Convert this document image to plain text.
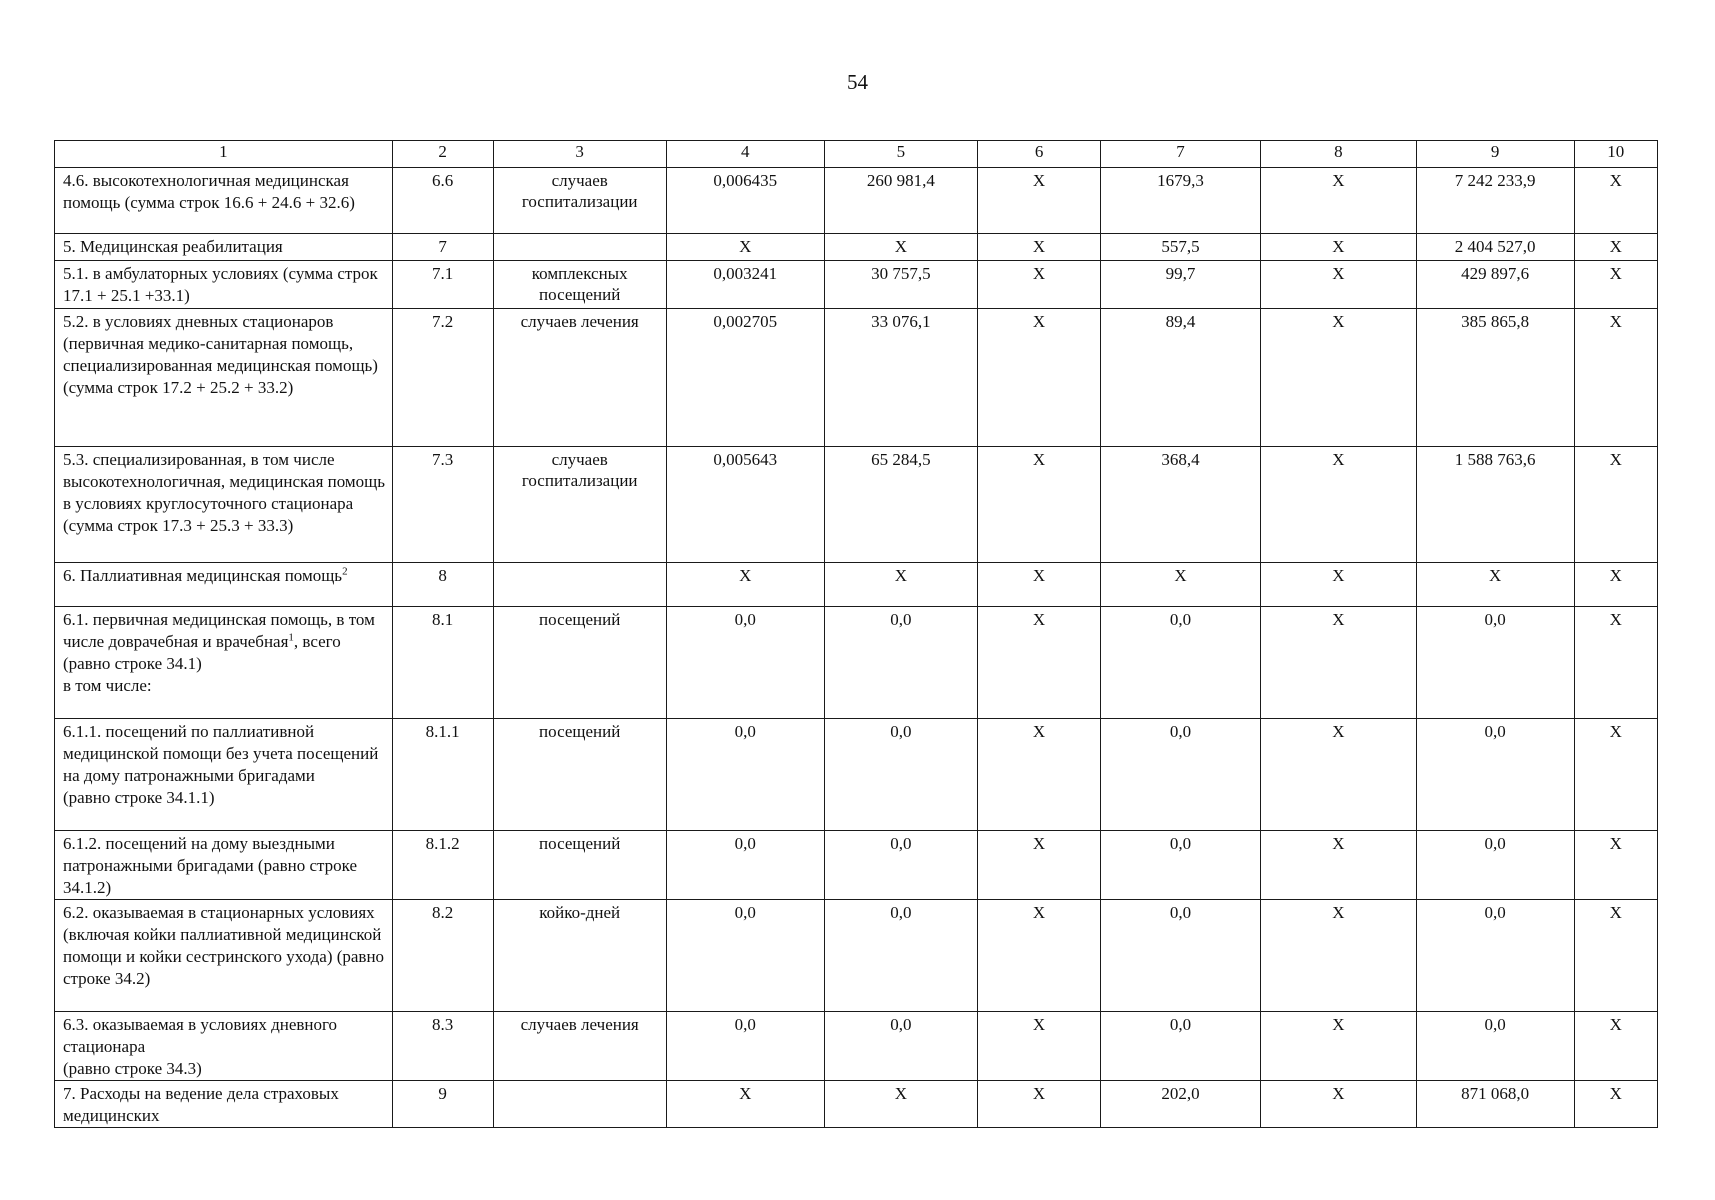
54
1	2	3	4	5	6	7	8	9	10
4.6. высокотехнологичная медицинская помощь (сумма строк 16.6 + 24.6 + 32.6)	6.6	случаев госпитализации	0,006435	260 981,4	X	1679,3	X	7 242 233,9	X
5. Медицинская реабилитация	7		X	X	X	557,5	X	2 404 527,0	X
5.1. в амбулаторных условиях (сумма строк 17.1 + 25.1 +33.1)	7.1	комплексных посещений	0,003241	30 757,5	X	99,7	X	429 897,6	X
5.2. в условиях дневных стационаров (первичная медико-санитарная помощь, специализированная медицинская помощь) (сумма строк 17.2 + 25.2 + 33.2)	7.2	случаев лечения	0,002705	33 076,1	X	89,4	X	385 865,8	X
5.3. специализированная, в том числе высокотехнологичная, медицинская помощь в условиях круглосуточного стационара (сумма строк 17.3 + 25.3 + 33.3)	7.3	случаев госпитализации	0,005643	65 284,5	X	368,4	X	1 588 763,6	X
6. Паллиативная медицинская помощь$^2$	8		X	X	X	X	X	X	X
6.1. первичная медицинская помощь, в том числе доврачебная и врачебная$^1$, всего (равно строке 34.1)
в том числе:	8.1	посещений	0,0	0,0	X	0,0	X	0,0	X
6.1.1. посещений по паллиативной медицинской помощи без учета посещений на дому патронажными бригадами
(равно строке 34.1.1)	8.1.1	посещений	0,0	0,0	X	0,0	X	0,0	X
6.1.2. посещений на дому выездными патронажными бригадами (равно строке 34.1.2)	8.1.2	посещений	0,0	0,0	X	0,0	X	0,0	X
6.2. оказываемая в стационарных условиях (включая койки паллиативной медицинской помощи и койки сестринского ухода) (равно строке 34.2)	8.2	койко-дней	0,0	0,0	X	0,0	X	0,0	X
6.3. оказываемая в условиях дневного стационара
(равно строке 34.3)	8.3	случаев лечения	0,0	0,0	X	0,0	X	0,0	X
7. Расходы на ведение дела страховых медицинских	9		X	X	X	202,0	X	871 068,0	X
